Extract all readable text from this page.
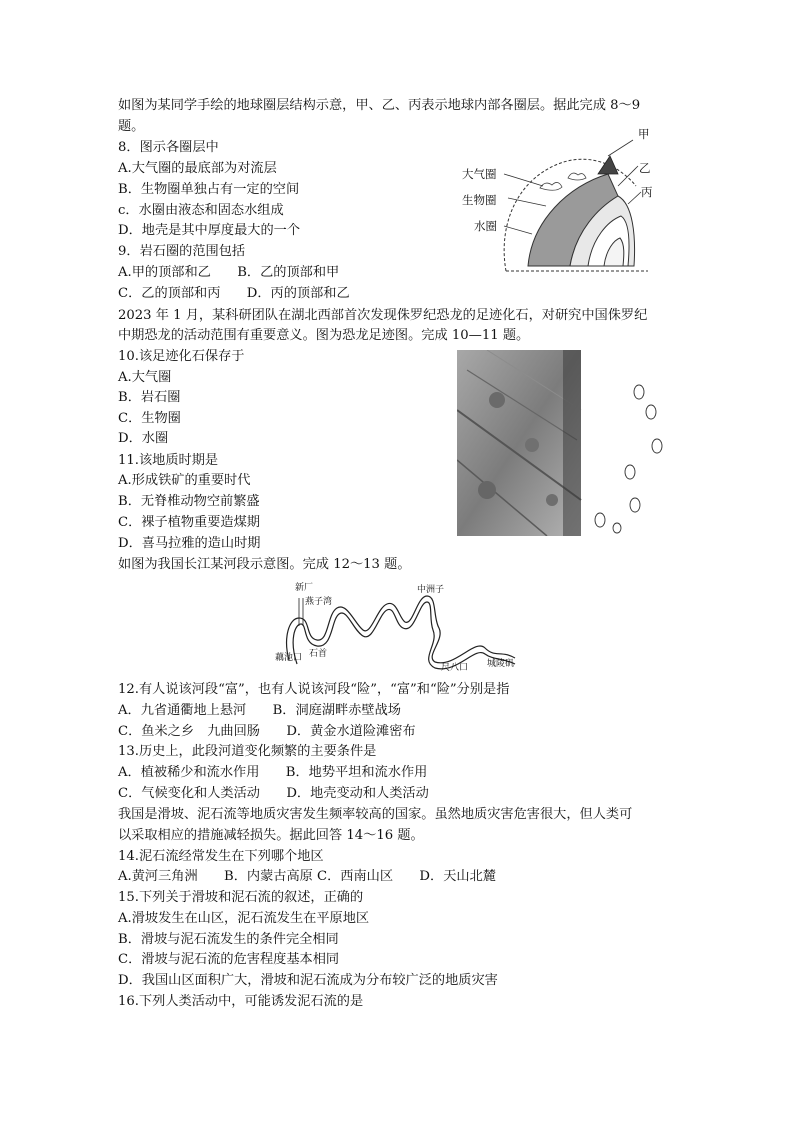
如图为某同学手绘的地球圈层结构示意，甲、乙、丙表示地球内部各圈层。据此完成 8～9
题。
8．图示各圈层中
A.大气圈的最底部为对流层
B．生物圈单独占有一定的空间
c．水圈由液态和固态水组成
D．地壳是其中厚度最大的一个
9．岩石圈的范围包括
A.甲的顶部和乙　　B．乙的顶部和甲
C．乙的顶部和丙　　D．丙的顶部和乙
2023 年 1 月，某科研团队在湖北西部首次发现侏罗纪恐龙的足迹化石，对研究中国侏罗纪
中期恐龙的活动范围有重要意义。图为恐龙足迹图。完成 10—11 题。
10.该足迹化石保存于
A.大气圈
B．岩石圈
C．生物圈
D．水圈
11.该地质时期是
A.形成铁矿的重要时代
B．无脊椎动物空前繁盛
C．裸子植物重要造煤期
D．喜马拉雅的造山时期
如图为我国长江某河段示意图。完成 12～13 题。
12.有人说该河段“富”，也有人说该河段“险”，“富”和“险”分别是指
A．九省通衢地上悬河　　B．洞庭湖畔赤壁战场
C．鱼米之乡　九曲回肠　　D．黄金水道险滩密布
13.历史上，此段河道变化频繁的主要条件是
A．植被稀少和流水作用　　B．地势平坦和流水作用
C．气候变化和人类活动　　D．地壳变动和人类活动
我国是滑坡、泥石流等地质灾害发生频率较高的国家。虽然地质灾害危害很大，但人类可
以采取相应的措施减轻损失。据此回答 14～16 题。
14.泥石流经常发生在下列哪个地区
A.黄河三角洲　　B．内蒙古高原 C．西南山区　　D．天山北麓
15.下列关于滑坡和泥石流的叙述，正确的
A.滑坡发生在山区，泥石流发生在平原地区
B．滑坡与泥石流发生的条件完全相同
C．滑坡与泥石流的危害程度基本相同
D．我国山区面积广大，滑坡和泥石流成为分布较广泛的地质灾害
16.下列人类活动中，可能诱发泥石流的是
甲
乙
丙
大气圈
生物圈
水圈
新厂
燕子湾
中洲子
藕池口 石首
尺八口 城陵矶
